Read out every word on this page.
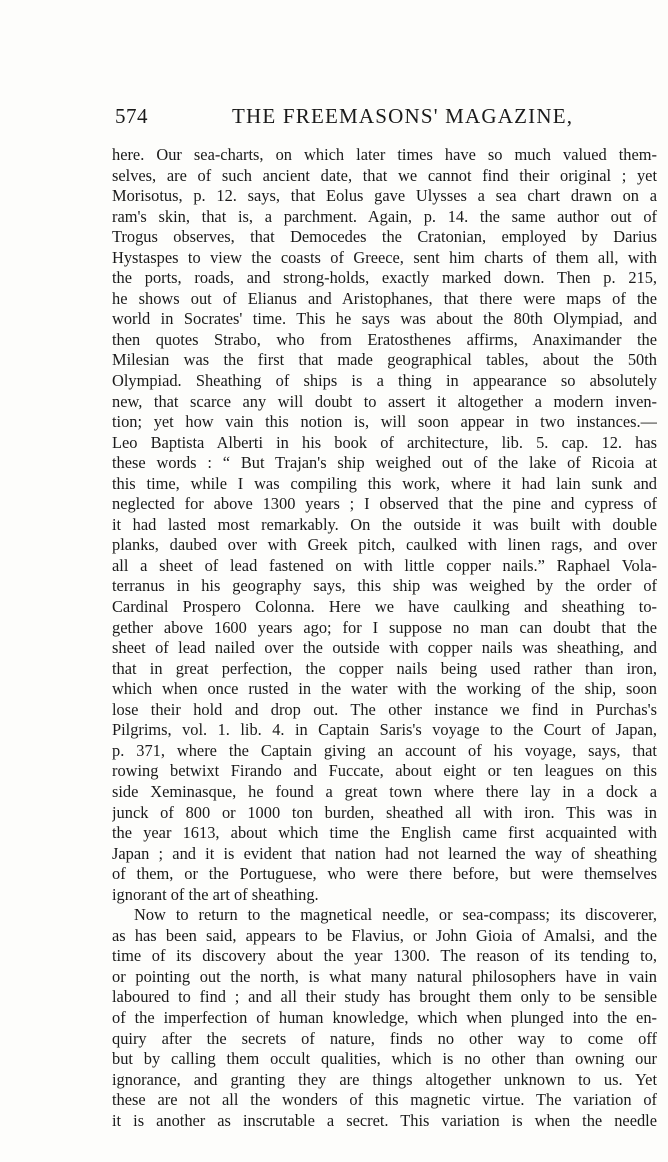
574	THE FREEMASONS' MAGAZINE,
here. Our sea-charts, on which later times have so much valued them-
selves, are of such ancient date, that we cannot find their original ; yet
Morisotus, p. 12. says, that Eolus gave Ulysses a sea chart drawn on a
ram's skin, that is, a parchment. Again, p. 14. the same author out of
Trogus observes, that Democedes the Cratonian, employed by Darius
Hystaspes to view the coasts of Greece, sent him charts of them all, with
the ports, roads, and strong-holds, exactly marked down. Then p. 215,
he shows out of Elianus and Aristophanes, that there were maps of the
world in Socrates' time. This he says was about the 80th Olympiad, and
then quotes Strabo, who from Eratosthenes affirms, Anaximander the
Milesian was the first that made geographical tables, about the 50th
Olympiad. Sheathing of ships is a thing in appearance so absolutely
new, that scarce any will doubt to assert it altogether a modern inven-
tion; yet how vain this notion is, will soon appear in two instances.—
Leo Baptista Alberti in his book of architecture, lib. 5. cap. 12. has
these words : “ But Trajan's ship weighed out of the lake of Ricoia at
this time, while I was compiling this work, where it had lain sunk and
neglected for above 1300 years ; I observed that the pine and cypress of
it had lasted most remarkably. On the outside it was built with double
planks, daubed over with Greek pitch, caulked with linen rags, and over
all a sheet of lead fastened on with little copper nails.” Raphael Vola-
terranus in his geography says, this ship was weighed by the order of
Cardinal Prospero Colonna. Here we have caulking and sheathing to-
gether above 1600 years ago; for I suppose no man can doubt that the
sheet of lead nailed over the outside with copper nails was sheathing, and
that in great perfection, the copper nails being used rather than iron,
which when once rusted in the water with the working of the ship, soon
lose their hold and drop out. The other instance we find in Purchas's
Pilgrims, vol. 1. lib. 4. in Captain Saris's voyage to the Court of Japan,
p. 371, where the Captain giving an account of his voyage, says, that
rowing betwixt Firando and Fuccate, about eight or ten leagues on this
side Xeminasque, he found a great town where there lay in a dock a
junck of 800 or 1000 ton burden, sheathed all with iron. This was in
the year 1613, about which time the English came first acquainted with
Japan ; and it is evident that nation had not learned the way of sheathing
of them, or the Portuguese, who were there before, but were themselves
ignorant of the art of sheathing.
Now to return to the magnetical needle, or sea-compass; its discoverer,
as has been said, appears to be Flavius, or John Gioia of Amalsi, and the
time of its discovery about the year 1300. The reason of its tending to,
or pointing out the north, is what many natural philosophers have in vain
laboured to find ; and all their study has brought them only to be sensible
of the imperfection of human knowledge, which when plunged into the en-
quiry after the secrets of nature, finds no other way to come off
but by calling them occult qualities, which is no other than owning our
ignorance, and granting they are things altogether unknown to us. Yet
these are not all the wonders of this magnetic virtue. The variation of
it is another as inscrutable a secret. This variation is when the needle
